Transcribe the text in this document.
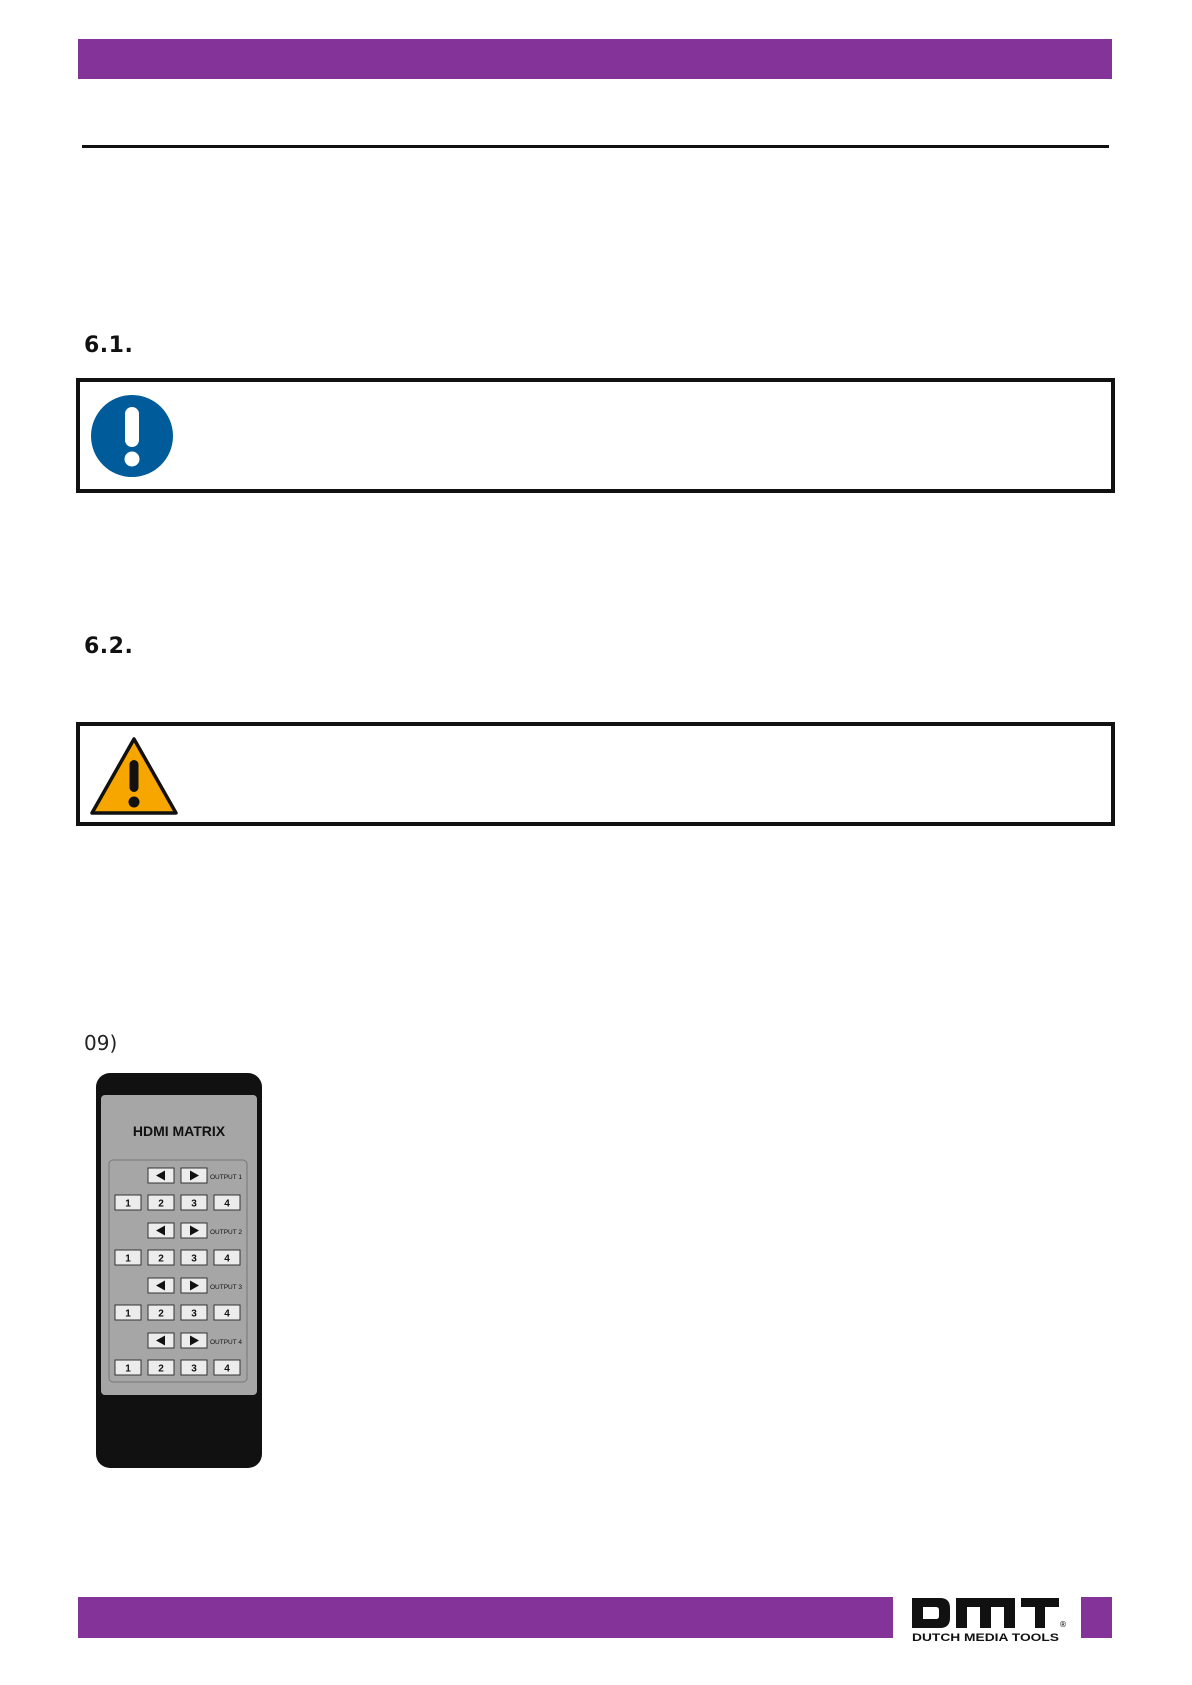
6.1.
6.2.
09)
HDMI MATRIX
OUTPUT 1
1	2	3	4
OUTPUT 2
1	2	3	4
OUTPUT 3
1	2	3	4
OUTPUT 4
1	2	3	4
®
DUTCH MEDIA TOOLS
